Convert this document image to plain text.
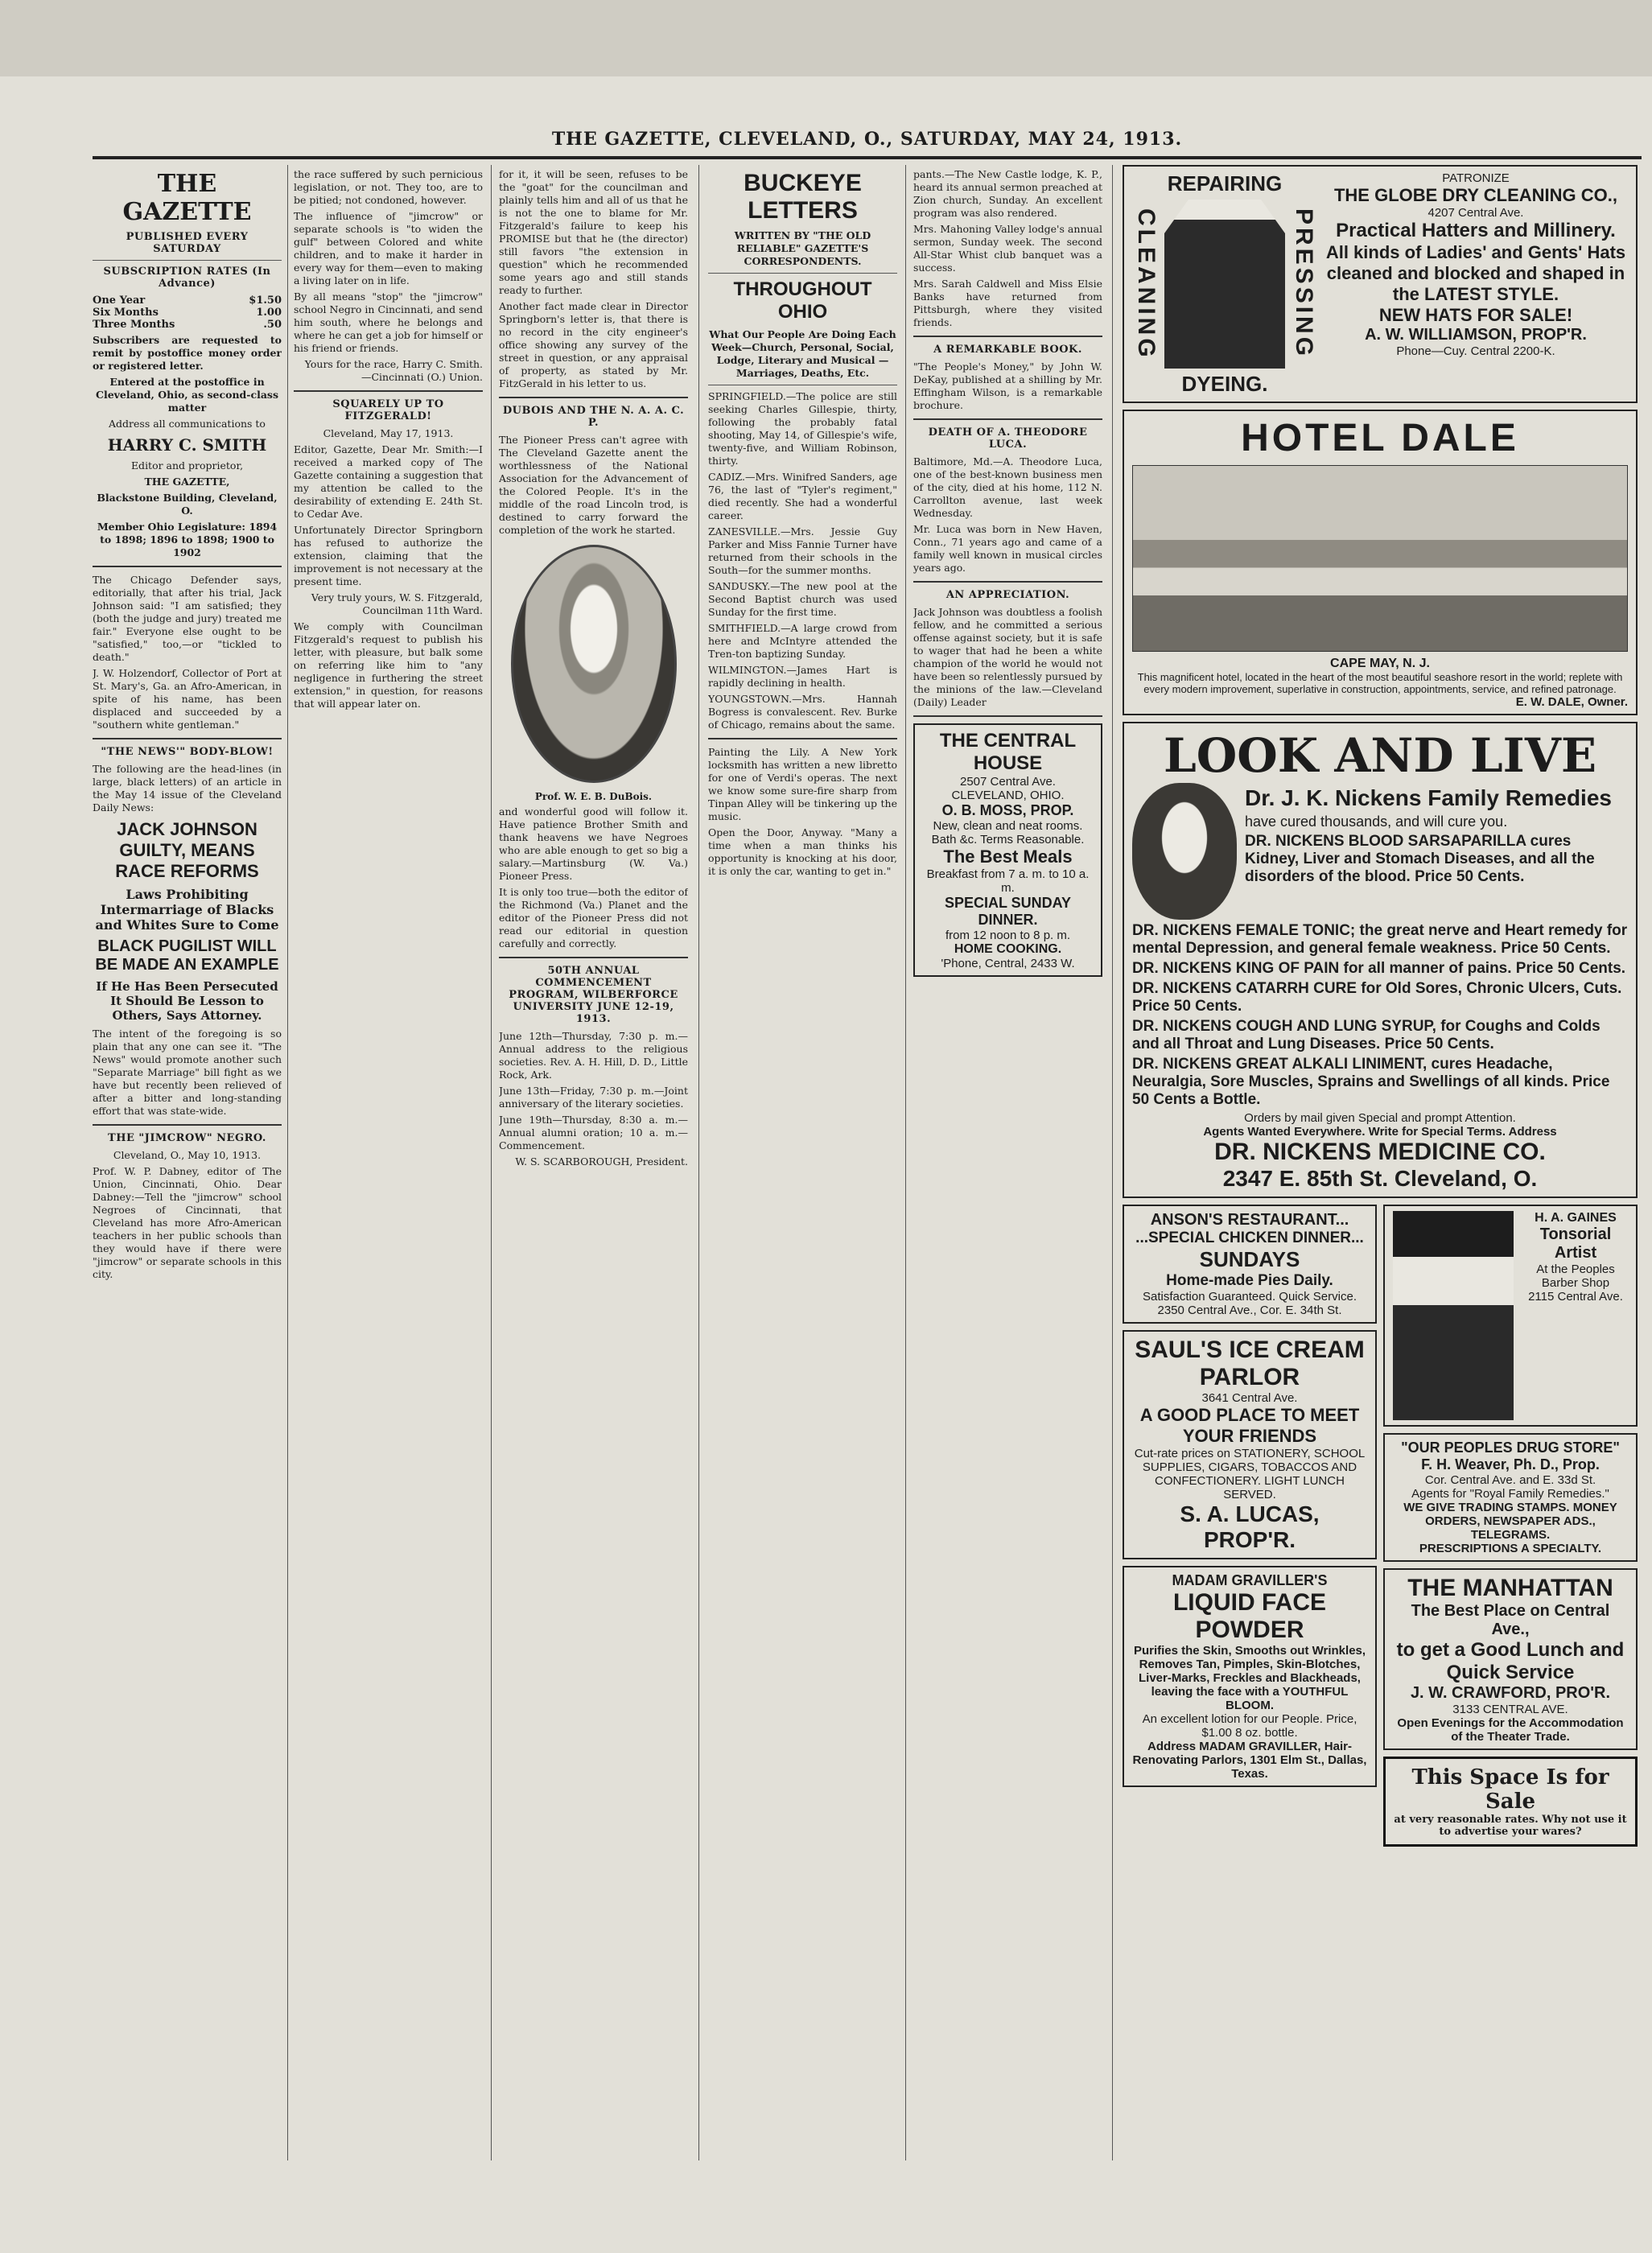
THE GAZETTE, CLEVELAND, O., SATURDAY, MAY 24, 1913.
THE GAZETTE
PUBLISHED EVERY SATURDAY
SUBSCRIPTION RATES (In Advance)
One Year	$1.50
Six Months	1.00
Three Months	.50

Subscribers are requested to remit by postoffice money order or registered letter.

Entered at the postoffice in Cleveland, Ohio, as second-class matter

Address all communications to

HARRY C. SMITH

Editor and proprietor,

THE GAZETTE,

Blackstone Building, Cleveland, O.

Member Ohio Legislature: 1894 to 1898; 1896 to 1898; 1900 to 1902

The Chicago Defender says, editorially, that after his trial, Jack Johnson said: "I am satisfied; they (both the judge and jury) treated me fair." Everyone else ought to be "satisfied," too,—or "tickled to death."

J. W. Holzendorf, Collector of Port at St. Mary's, Ga. an Afro-American, in spite of his name, has been displaced and succeeded by a "southern white gentleman."

"THE NEWS'" BODY-BLOW!

The following are the head-lines (in large, black letters) of an article in the May 14 issue of the Cleveland Daily News:

JACK JOHNSON GUILTY, MEANS RACE REFORMS
Laws Prohibiting Intermarriage of Blacks and Whites Sure to Come
BLACK PUGILIST WILL BE MADE AN EXAMPLE
If He Has Been Persecuted It Should Be Lesson to Others, Says Attorney.

The intent of the foregoing is so plain that any one can see it. "The News" would promote another such "Separate Marriage" bill fight as we have but recently been relieved of after a bitter and long-standing effort that was state-wide.

THE "JIMCROW" NEGRO.

Cleveland, O., May 10, 1913.

Prof. W. P. Dabney, editor of The Union, Cincinnati, Ohio. Dear Dabney:—Tell the "jimcrow" school Negroes of Cincinnati, that Cleveland has more Afro-American teachers in her public schools than they would have if there were "jimcrow" or separate schools in this city.

the race suffered by such pernicious legislation, or not. They too, are to be pitied; not condoned, however.

The influence of "jimcrow" or separate schools is "to widen the gulf" between Colored and white children, and to make it harder in every way for them—even to making a living later on in life.

By all means "stop" the "jimcrow" school Negro in Cincinnati, and send him south, where he belongs and where he can get a job for himself or his friend or friends.

Yours for the race, Harry C. Smith. —Cincinnati (O.) Union.

SQUARELY UP TO FITZGERALD!

Cleveland, May 17, 1913.

Editor, Gazette, Dear Mr. Smith:—I received a marked copy of The Gazette containing a suggestion that my attention be called to the desirability of extending E. 24th St. to Cedar Ave.

Unfortunately Director Springborn has refused to authorize the extension, claiming that the improvement is not necessary at the present time.

Very truly yours, W. S. Fitzgerald, Councilman 11th Ward.

We comply with Councilman Fitzgerald's request to publish his letter, with pleasure, but balk some on referring like him to "any negligence in furthering the street extension," in question, for reasons that will appear later on.

for it, it will be seen, refuses to be the "goat" for the councilman and plainly tells him and all of us that he is not the one to blame for Mr. Fitzgerald's failure to keep his PROMISE but that he (the director) still favors "the extension in question" which he recommended some years ago and still stands ready to further.

Another fact made clear in Director Springborn's letter is, that there is no record in the city engineer's office showing any survey of the street in question, or any appraisal of property, as stated by Mr. FitzGerald in his letter to us.

DUBOIS AND THE N. A. A. C. P.

The Pioneer Press can't agree with The Cleveland Gazette anent the worthlessness of the National Association for the Advancement of the Colored People. It's in the middle of the road Lincoln trod, is destined to carry forward the completion of the work he started.

Prof. W. E. B. DuBois.

and wonderful good will follow it. Have patience Brother Smith and thank heavens we have Negroes who are able enough to get so big a salary.—Martinsburg (W. Va.) Pioneer Press.

It is only too true—both the editor of the Richmond (Va.) Planet and the editor of the Pioneer Press did not read our editorial in question carefully and correctly.

50TH ANNUAL COMMENCEMENT PROGRAM, WILBERFORCE UNIVERSITY JUNE 12-19, 1913.

June 12th—Thursday, 7:30 p. m.—Annual address to the religious societies. Rev. A. H. Hill, D. D., Little Rock, Ark.

June 13th—Friday, 7:30 p. m.—Joint anniversary of the literary societies.

June 19th—Thursday, 8:30 a. m.—Annual alumni oration; 10 a. m.—Commencement.

W. S. SCARBOROUGH, President.

BUCKEYE LETTERS

WRITTEN BY "THE OLD RELIABLE" GAZETTE'S CORRESPONDENTS.

THROUGHOUT OHIO

What Our People Are Doing Each Week—Church, Personal, Social, Lodge, Literary and Musical — Marriages, Deaths, Etc.

SPRINGFIELD.—The police are still seeking Charles Gillespie, thirty, following the probably fatal shooting, May 14, of Gillespie's wife, twenty-five, and William Robinson, thirty.

CADIZ.—Mrs. Winifred Sanders, age 76, the last of "Tyler's regiment," died recently. She had a wonderful career.

ZANESVILLE.—Mrs. Jessie Guy Parker and Miss Fannie Turner have returned from their schools in the South—for the summer months.

SANDUSKY.—The new pool at the Second Baptist church was used Sunday for the first time.

SMITHFIELD.—A large crowd from here and McIntyre attended the Tren-ton baptizing Sunday.

WILMINGTON.—James Hart is rapidly declining in health.

YOUNGSTOWN.—Mrs. Hannah Bogress is convalescent. Rev. Burke of Chicago, remains about the same.

Painting the Lily. A New York locksmith has written a new libretto for one of Verdi's operas. The next we know some sure-fire sharp from Tinpan Alley will be tinkering up the music.

Open the Door, Anyway. "Many a time when a man thinks his opportunity is knocking at his door, it is only the car, wanting to get in."

pants.—The New Castle lodge, K. P., heard its annual sermon preached at Zion church, Sunday. An excellent program was also rendered.

Mrs. Mahoning Valley lodge's annual sermon, Sunday week. The second All-Star Whist club banquet was a success.

Mrs. Sarah Caldwell and Miss Elsie Banks have returned from Pittsburgh, where they visited friends.

A REMARKABLE BOOK.

"The People's Money," by John W. DeKay, published at a shilling by Mr. Effingham Wilson, is a remarkable brochure.

DEATH OF A. THEODORE LUCA.

Baltimore, Md.—A. Theodore Luca, one of the best-known business men of the city, died at his home, 112 N. Carrollton avenue, last week Wednesday.

Mr. Luca was born in New Haven, Conn., 71 years ago and came of a family well known in musical circles years ago.

AN APPRECIATION.

Jack Johnson was doubtless a foolish fellow, and he committed a serious offense against society, but it is safe to wager that had he been a white champion of the world he would not have been so relentlessly pursued by the minions of the law.—Cleveland (Daily) Leader

THE CENTRAL HOUSE
2507 Central Ave. CLEVELAND, OHIO.
O. B. MOSS, PROP.
New, clean and neat rooms. Bath &c. Terms Reasonable.
The Best Meals
Breakfast from 7 a. m. to 10 a. m.
SPECIAL SUNDAY DINNER.
from 12 noon to 8 p. m.
HOME COOKING.
'Phone, Central, 2433 W.
CLEANING
REPAIRING
DYEING.
PRESSING
PATRONIZE
THE GLOBE DRY CLEANING CO.,
4207 Central Ave.
Practical Hatters and Millinery.
All kinds of Ladies' and Gents' Hats cleaned and blocked and shaped in the LATEST STYLE.
NEW HATS FOR SALE!
A. W. WILLIAMSON, PROP'R.
Phone—Cuy. Central 2200-K.
HOTEL DALE
CAPE MAY, N. J.
This magnificent hotel, located in the heart of the most beautiful seashore resort in the world; replete with every modern improvement, superlative in construction, appointments, service, and refined patronage.
E. W. DALE, Owner.
LOOK AND LIVE
Dr. J. K. Nickens Family Remedies
have cured thousands, and will cure you.
DR. NICKENS BLOOD SARSAPARILLA cures Kidney, Liver and Stomach Diseases, and all the disorders of the blood. Price 50 Cents.
DR. NICKENS FEMALE TONIC; the great nerve and Heart remedy for mental Depression, and general female weakness. Price 50 Cents.
DR. NICKENS KING OF PAIN for all manner of pains. Price 50 Cents.
DR. NICKENS CATARRH CURE for Old Sores, Chronic Ulcers, Cuts. Price 50 Cents.
DR. NICKENS COUGH AND LUNG SYRUP, for Coughs and Colds and all Throat and Lung Diseases. Price 50 Cents.
DR. NICKENS GREAT ALKALI LINIMENT, cures Headache, Neuralgia, Sore Muscles, Sprains and Swellings of all kinds. Price 50 Cents a Bottle.
Orders by mail given Special and prompt Attention.
Agents Wanted Everywhere. Write for Special Terms. Address
DR. NICKENS MEDICINE CO.
2347 E. 85th St. Cleveland, O.
ANSON'S RESTAURANT...
...SPECIAL CHICKEN DINNER...
SUNDAYS
Home-made Pies Daily.
Satisfaction Guaranteed. Quick Service.
2350 Central Ave., Cor. E. 34th St.
SAUL'S ICE CREAM PARLOR
3641 Central Ave.
A GOOD PLACE TO MEET YOUR FRIENDS
Cut-rate prices on STATIONERY, SCHOOL SUPPLIES, CIGARS, TOBACCOS AND CONFECTIONERY. LIGHT LUNCH SERVED.
S. A. LUCAS, PROP'R.
MADAM GRAVILLER'S
LIQUID FACE POWDER
Purifies the Skin, Smooths out Wrinkles, Removes Tan, Pimples, Skin-Blotches, Liver-Marks, Freckles and Blackheads, leaving the face with a YOUTHFUL BLOOM.
An excellent lotion for our People. Price, $1.00 8 oz. bottle.
Address MADAM GRAVILLER, Hair-Renovating Parlors, 1301 Elm St., Dallas, Texas.
H. A. GAINES
Tonsorial Artist
At the Peoples Barber Shop
2115 Central Ave.
"OUR PEOPLES DRUG STORE"
F. H. Weaver, Ph. D., Prop.
Cor. Central Ave. and E. 33d St.
Agents for "Royal Family Remedies."
WE GIVE TRADING STAMPS. MONEY ORDERS, NEWSPAPER ADS., TELEGRAMS.
PRESCRIPTIONS A SPECIALTY.
THE MANHATTAN
The Best Place on Central Ave.,
to get a Good Lunch and Quick Service
J. W. CRAWFORD, PRO'R.
3133 CENTRAL AVE.
Open Evenings for the Accommodation of the Theater Trade.
This Space Is for Sale
at very reasonable rates. Why not use it to advertise your wares?
